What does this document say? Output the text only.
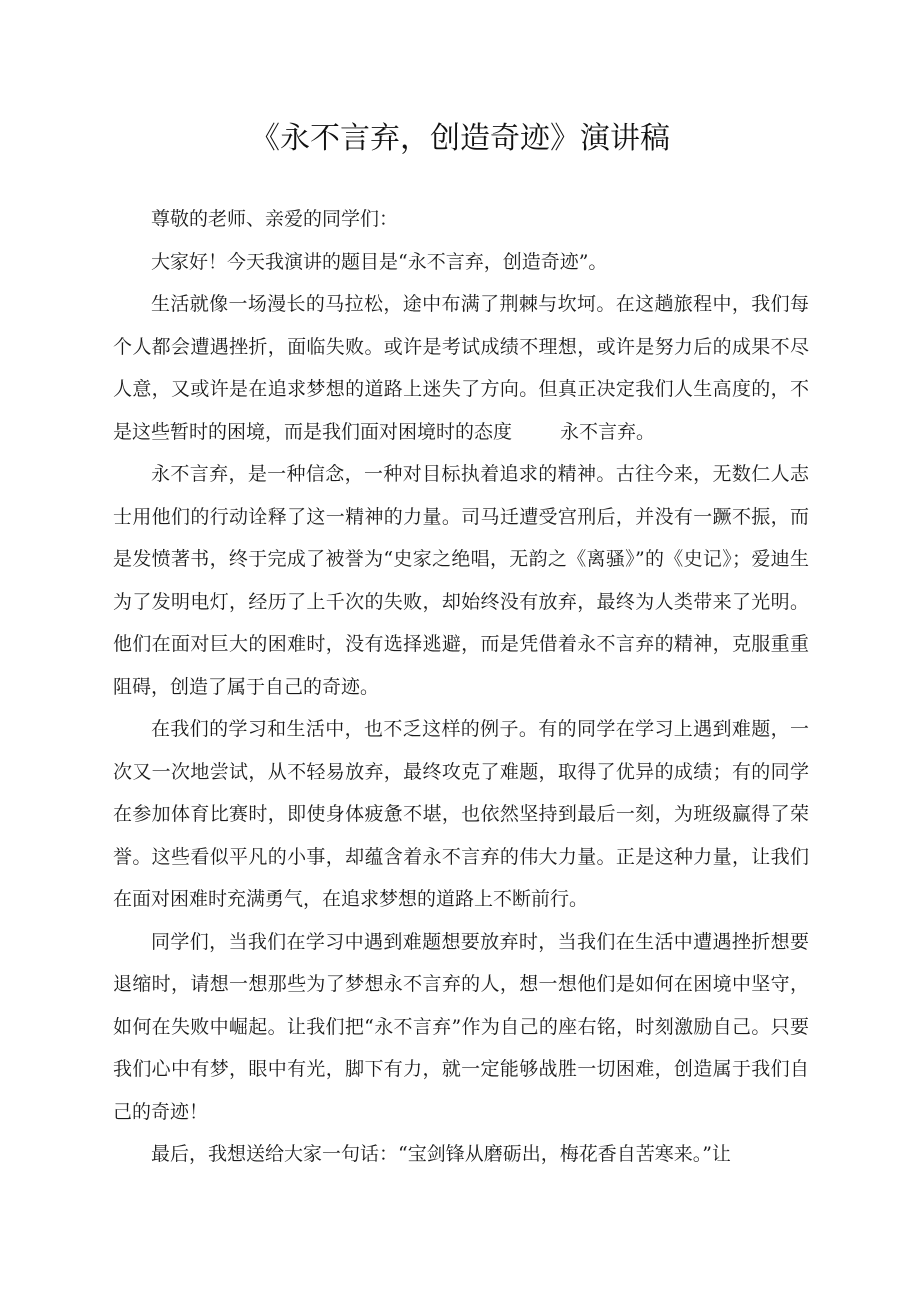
《永不言弃，创造奇迹》演讲稿

尊敬的老师、亲爱的同学们：

大家好！今天我演讲的题目是“永不言弃，创造奇迹”。

生活就像一场漫长的马拉松，途中布满了荆棘与坎坷。在这趟旅程中，我们每个人都会遭遇挫折，面临失败。或许是考试成绩不理想，或许是努力后的成果不尽人意，又或许是在追求梦想的道路上迷失了方向。但真正决定我们人生高度的，不是这些暂时的困境，而是我们面对困境时的态度	永不言弃。

永不言弃，是一种信念，一种对目标执着追求的精神。古往今来，无数仁人志士用他们的行动诠释了这一精神的力量。司马迁遭受宫刑后，并没有一蹶不振，而是发愤著书，终于完成了被誉为“史家之绝唱，无韵之《离骚》”的《史记》；爱迪生为了发明电灯，经历了上千次的失败，却始终没有放弃，最终为人类带来了光明。他们在面对巨大的困难时，没有选择逃避，而是凭借着永不言弃的精神，克服重重阻碍，创造了属于自己的奇迹。

在我们的学习和生活中，也不乏这样的例子。有的同学在学习上遇到难题，一次又一次地尝试，从不轻易放弃，最终攻克了难题，取得了优异的成绩；有的同学在参加体育比赛时，即使身体疲惫不堪，也依然坚持到最后一刻，为班级赢得了荣誉。这些看似平凡的小事，却蕴含着永不言弃的伟大力量。正是这种力量，让我们在面对困难时充满勇气，在追求梦想的道路上不断前行。

同学们，当我们在学习中遇到难题想要放弃时，当我们在生活中遭遇挫折想要退缩时，请想一想那些为了梦想永不言弃的人，想一想他们是如何在困境中坚守，如何在失败中崛起。让我们把“永不言弃”作为自己的座右铭，时刻激励自己。只要我们心中有梦，眼中有光，脚下有力，就一定能够战胜一切困难，创造属于我们自己的奇迹！

最后，我想送给大家一句话：“宝剑锋从磨砺出，梅花香自苦寒来。”让
